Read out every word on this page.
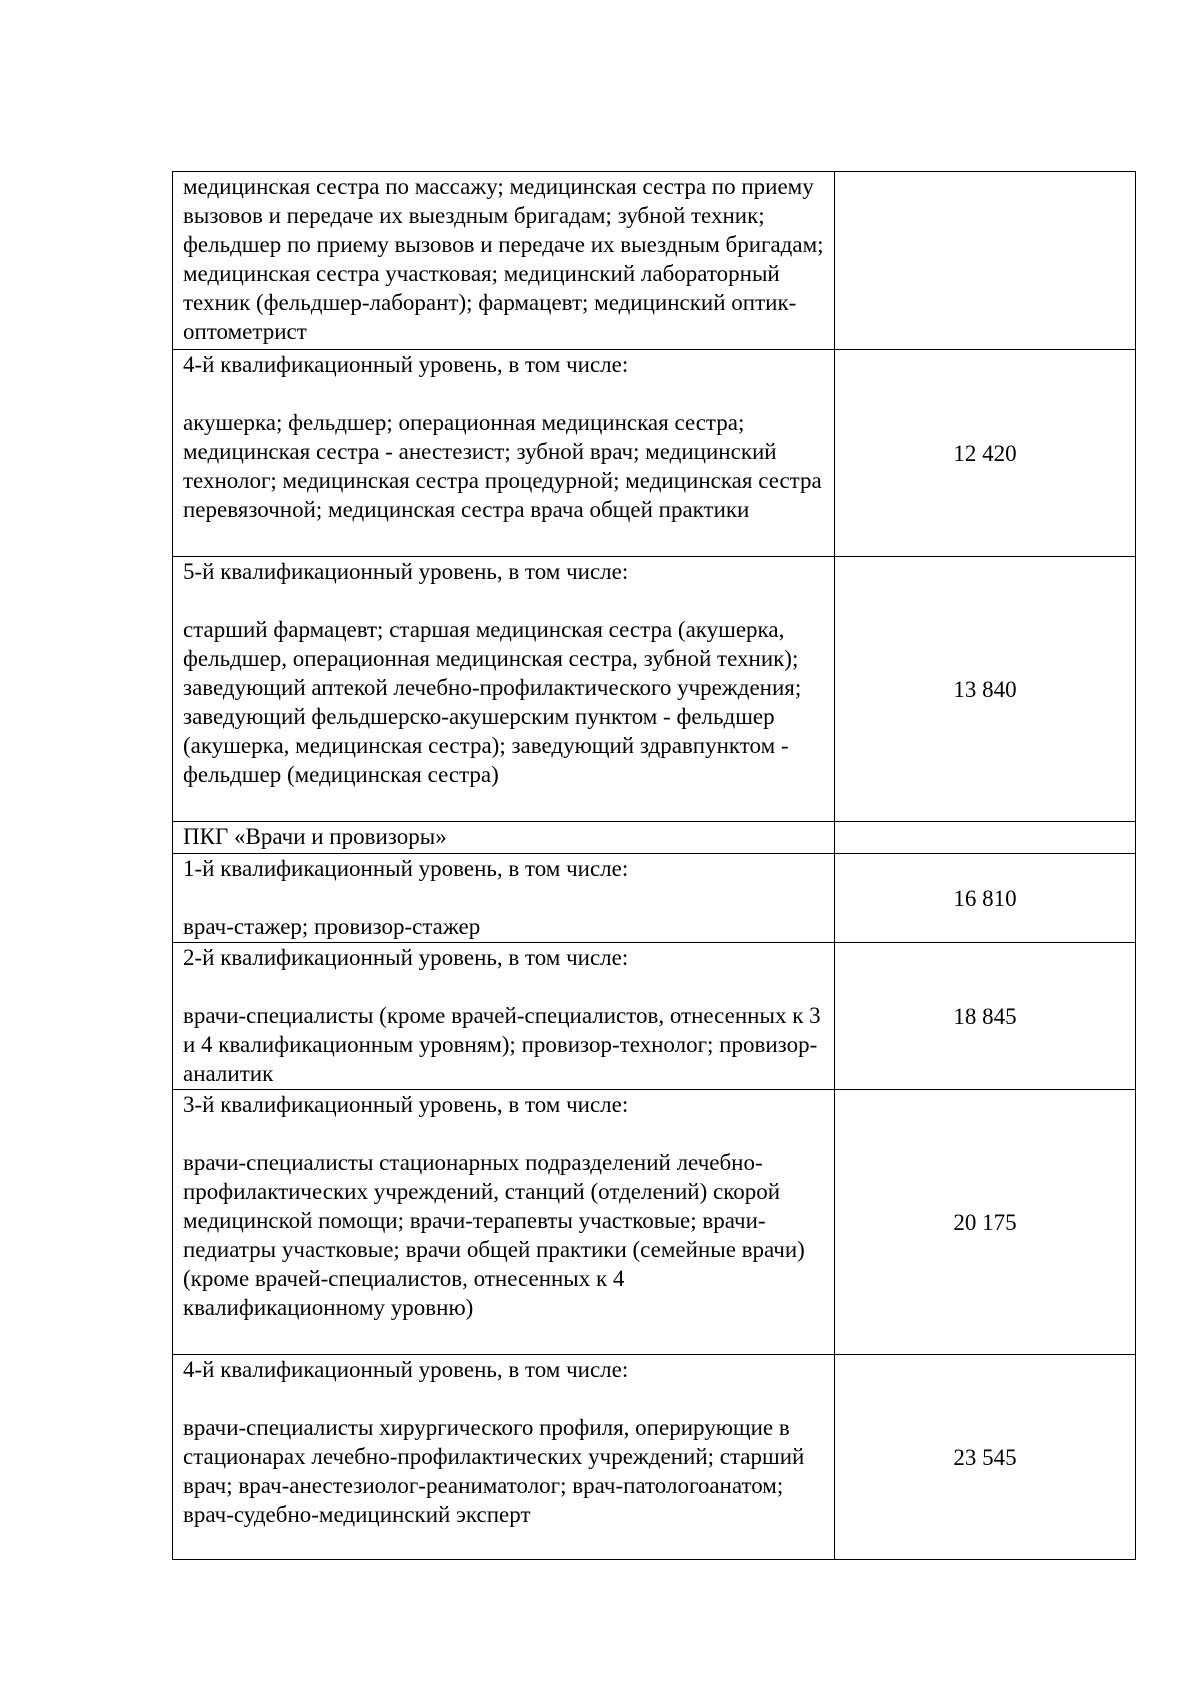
медицинская сестра по массажу; медицинская сестра по приему вызовов и передаче их выездным бригадам; зубной техник; фельдшер по приему вызовов и передаче их выездным бригадам; медицинская сестра участковая; медицинский лабораторный техник (фельдшер-лаборант); фармацевт; медицинский оптик-оптометрист	

4-й квалификационный уровень, в том числе:
акушерка; фельдшер; операционная медицинская сестра; медицинская сестра - анестезист; зубной врач; медицинский технолог; медицинская сестра процедурной; медицинская сестра перевязочной; медицинская сестра врача общей практики	12 420

5-й квалификационный уровень, в том числе:
старший фармацевт; старшая медицинская сестра (акушерка, фельдшер, операционная медицинская сестра, зубной техник); заведующий аптекой лечебно-профилактического учреждения; заведующий фельдшерско-акушерским пунктом - фельдшер (акушерка, медицинская сестра); заведующий здравпунктом - фельдшер (медицинская сестра)	13 840

ПКГ «Врачи и провизоры»	

1-й квалификационный уровень, в том числе:
врач-стажер; провизор-стажер	16 810

2-й квалификационный уровень, в том числе:
врачи-специалисты (кроме врачей-специалистов, отнесенных к 3 и 4 квалификационным уровням); провизор-технолог; провизор-аналитик	18 845

3-й квалификационный уровень, в том числе:
врачи-специалисты стационарных подразделений лечебно-профилактических учреждений, станций (отделений) скорой медицинской помощи; врачи-терапевты участковые; врачи-педиатры участковые; врачи общей практики (семейные врачи) (кроме врачей-специалистов, отнесенных к 4 квалификационному уровню)	20 175

4-й квалификационный уровень, в том числе:
врачи-специалисты хирургического профиля, оперирующие в стационарах лечебно-профилактических учреждений; старший врач; врач-анестезиолог-реаниматолог; врач-патологоанатом; врач-судебно-медицинский эксперт	23 545
